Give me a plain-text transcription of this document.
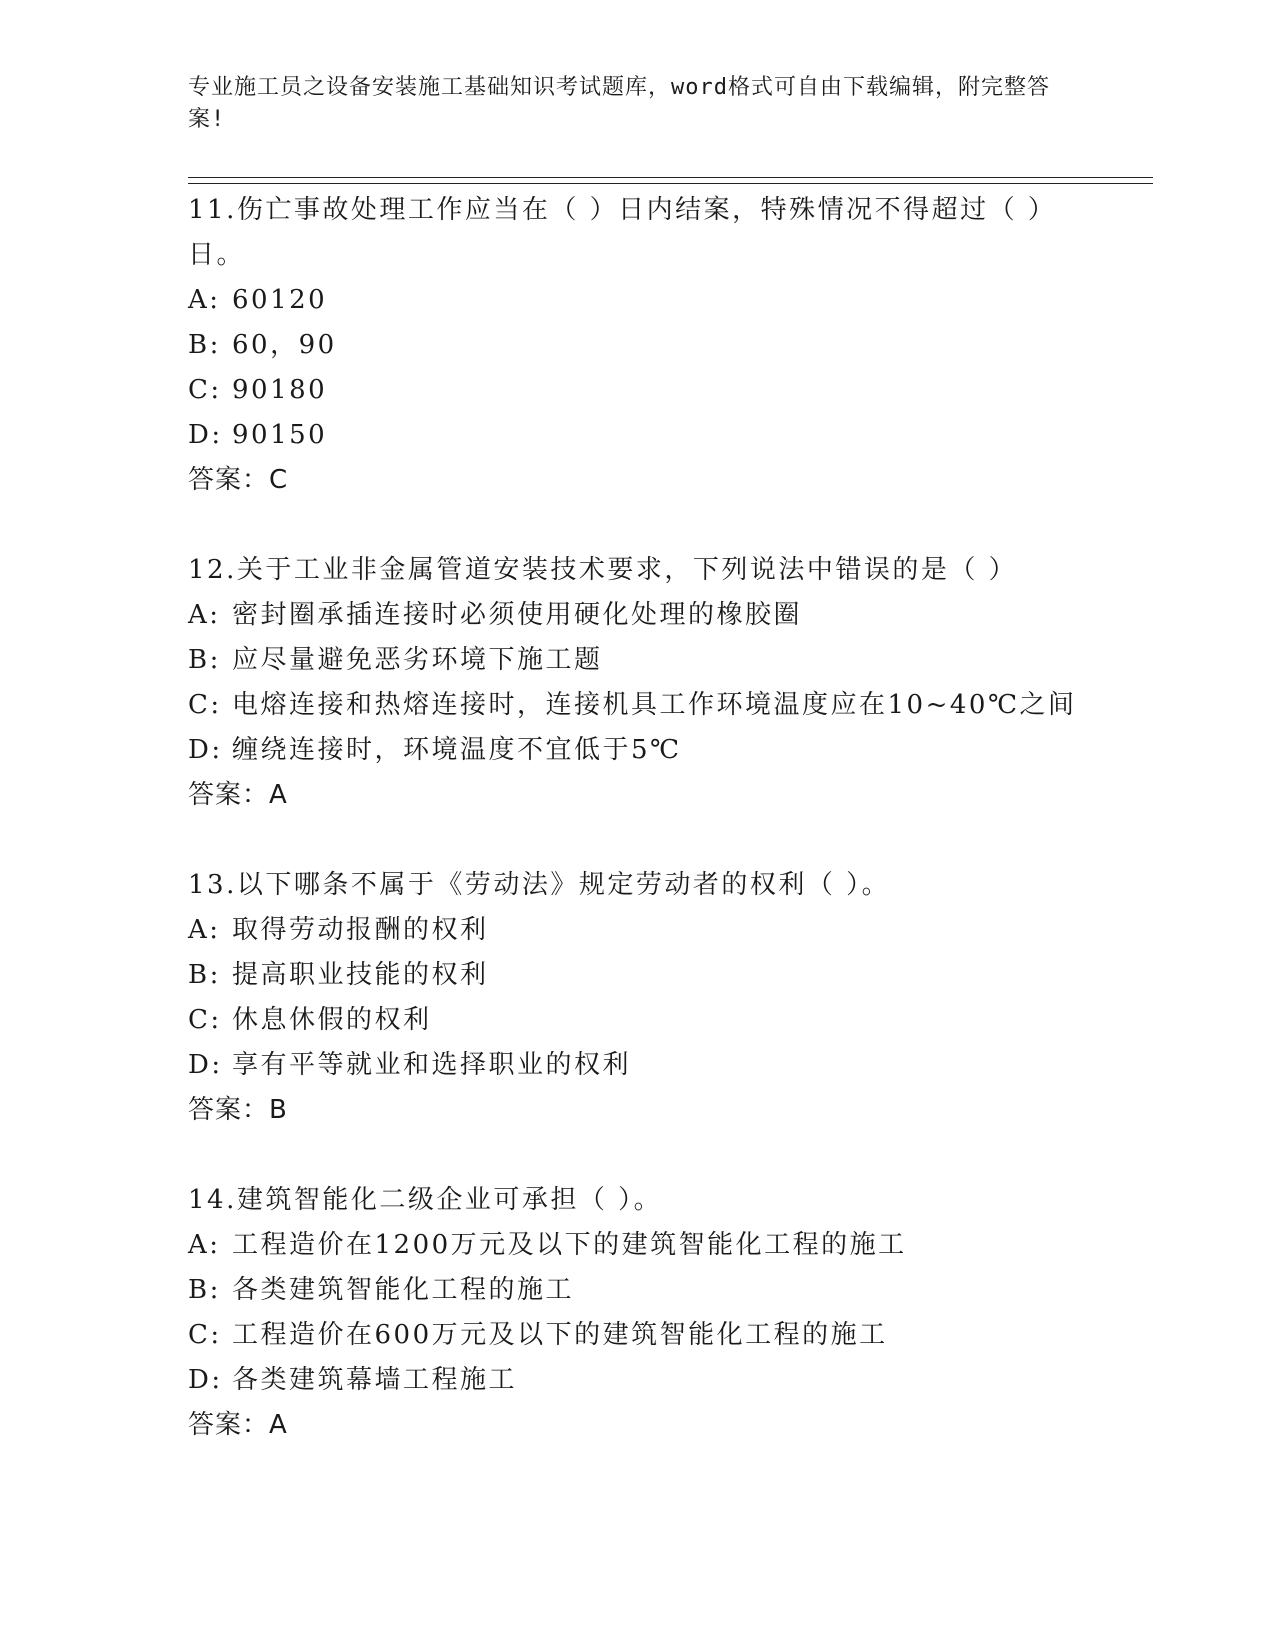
专业施工员之设备安装施工基础知识考试题库，word格式可自由下载编辑，附完整答案!
11.伤亡事故处理工作应当在（ ）日内结案，特殊情况不得超过（ ）日。
A: 60120
B: 60，90
C: 90180
D: 90150
答案：C
12.关于工业非金属管道安装技术要求，下列说法中错误的是（ ）
A: 密封圈承插连接时必须使用硬化处理的橡胶圈
B: 应尽量避免恶劣环境下施工题
C: 电熔连接和热熔连接时，连接机具工作环境温度应在10~40℃之间
D: 缠绕连接时，环境温度不宜低于5℃
答案：A
13.以下哪条不属于《劳动法》规定劳动者的权利（ ）。
A: 取得劳动报酬的权利
B: 提高职业技能的权利
C: 休息休假的权利
D: 享有平等就业和选择职业的权利
答案：B
14.建筑智能化二级企业可承担（ ）。
A: 工程造价在1200万元及以下的建筑智能化工程的施工
B: 各类建筑智能化工程的施工
C: 工程造价在600万元及以下的建筑智能化工程的施工
D: 各类建筑幕墙工程施工
答案：A
